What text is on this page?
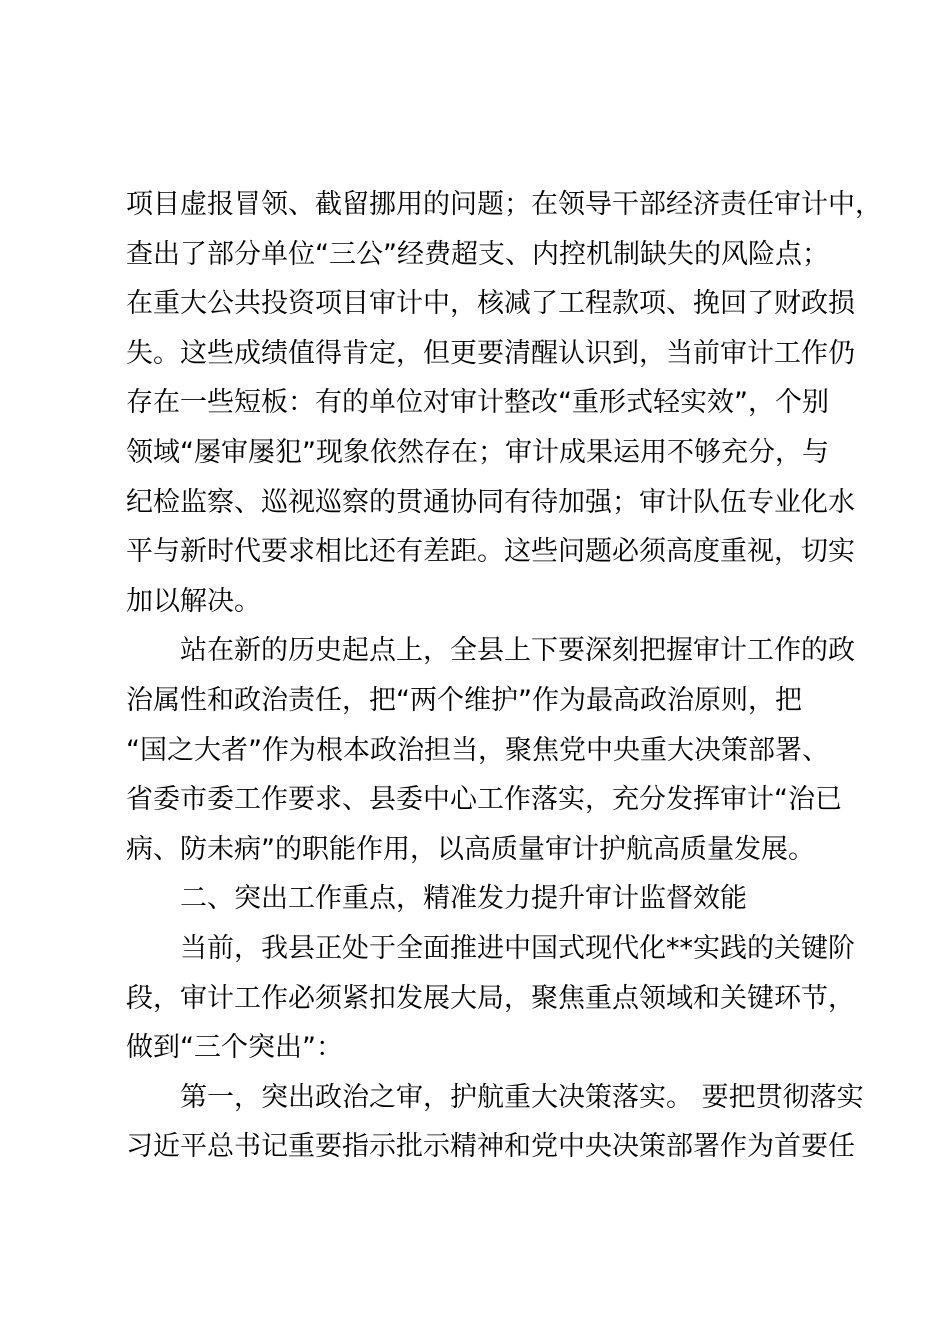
项目虚报冒领、截留挪用的问题；在领导干部经济责任审计中，
查出了部分单位“三公”经费超支、内控机制缺失的风险点；
在重大公共投资项目审计中，核减了工程款项、挽回了财政损
失。这些成绩值得肯定，但更要清醒认识到，当前审计工作仍
存在一些短板：有的单位对审计整改“重形式轻实效”，个别
领域“屡审屡犯”现象依然存在；审计成果运用不够充分，与
纪检监察、巡视巡察的贯通协同有待加强；审计队伍专业化水
平与新时代要求相比还有差距。这些问题必须高度重视，切实
加以解决。
站在新的历史起点上，全县上下要深刻把握审计工作的政
治属性和政治责任，把“两个维护”作为最高政治原则，把
“国之大者”作为根本政治担当，聚焦党中央重大决策部署、
省委市委工作要求、县委中心工作落实，充分发挥审计“治已
病、防未病”的职能作用，以高质量审计护航高质量发展。
二、突出工作重点，精准发力提升审计监督效能
当前，我县正处于全面推进中国式现代化**实践的关键阶
段，审计工作必须紧扣发展大局，聚焦重点领域和关键环节，
做到“三个突出”：
第一，突出政治之审，护航重大决策落实。 要把贯彻落实
习近平总书记重要指示批示精神和党中央决策部署作为首要任
